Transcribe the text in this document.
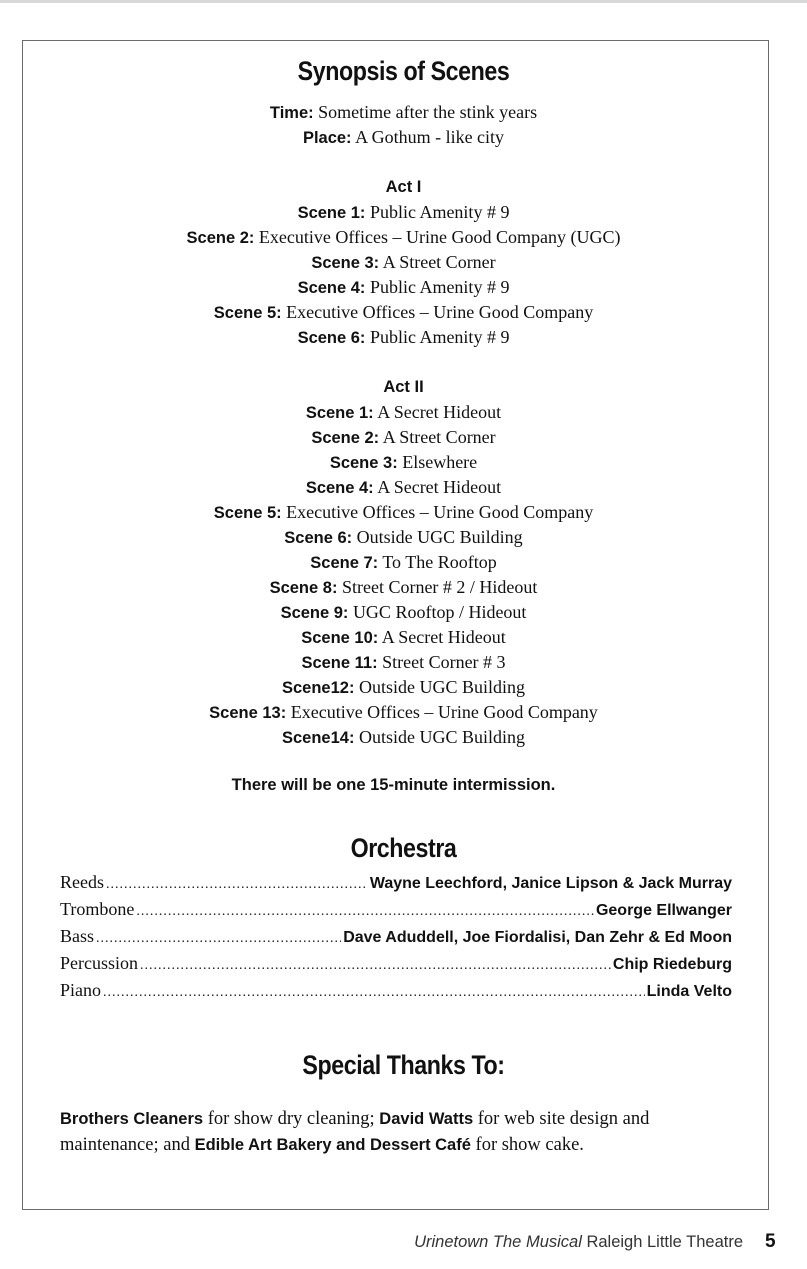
Synopsis of Scenes
Time: Sometime after the stink years
Place: A Gothum - like city
Act I
Scene 1: Public Amenity # 9
Scene 2: Executive Offices – Urine Good Company (UGC)
Scene 3: A Street Corner
Scene 4: Public Amenity # 9
Scene 5: Executive Offices – Urine Good Company
Scene 6: Public Amenity # 9
Act II
Scene 1: A Secret Hideout
Scene 2: A Street Corner
Scene 3: Elsewhere
Scene 4: A Secret Hideout
Scene 5: Executive Offices – Urine Good Company
Scene 6: Outside UGC Building
Scene 7: To The Rooftop
Scene 8: Street Corner # 2 / Hideout
Scene 9: UGC Rooftop / Hideout
Scene 10: A Secret Hideout
Scene 11: Street Corner # 3
Scene12: Outside UGC Building
Scene 13: Executive Offices – Urine Good Company
Scene14: Outside UGC Building
There will be one 15-minute intermission.
Orchestra
Reeds .....	Wayne Leechford, Janice Lipson & Jack Murray
Trombone .....	George Ellwanger
Bass .....	Dave Aduddell, Joe Fiordalisi, Dan Zehr & Ed Moon
Percussion .....	Chip Riedeburg
Piano .....	Linda Velto
Special Thanks To:
Brothers Cleaners for show dry cleaning; David Watts for web site design and maintenance; and Edible Art Bakery and Dessert Café for show cake.
Urinetown The Musical Raleigh Little Theatre 5
